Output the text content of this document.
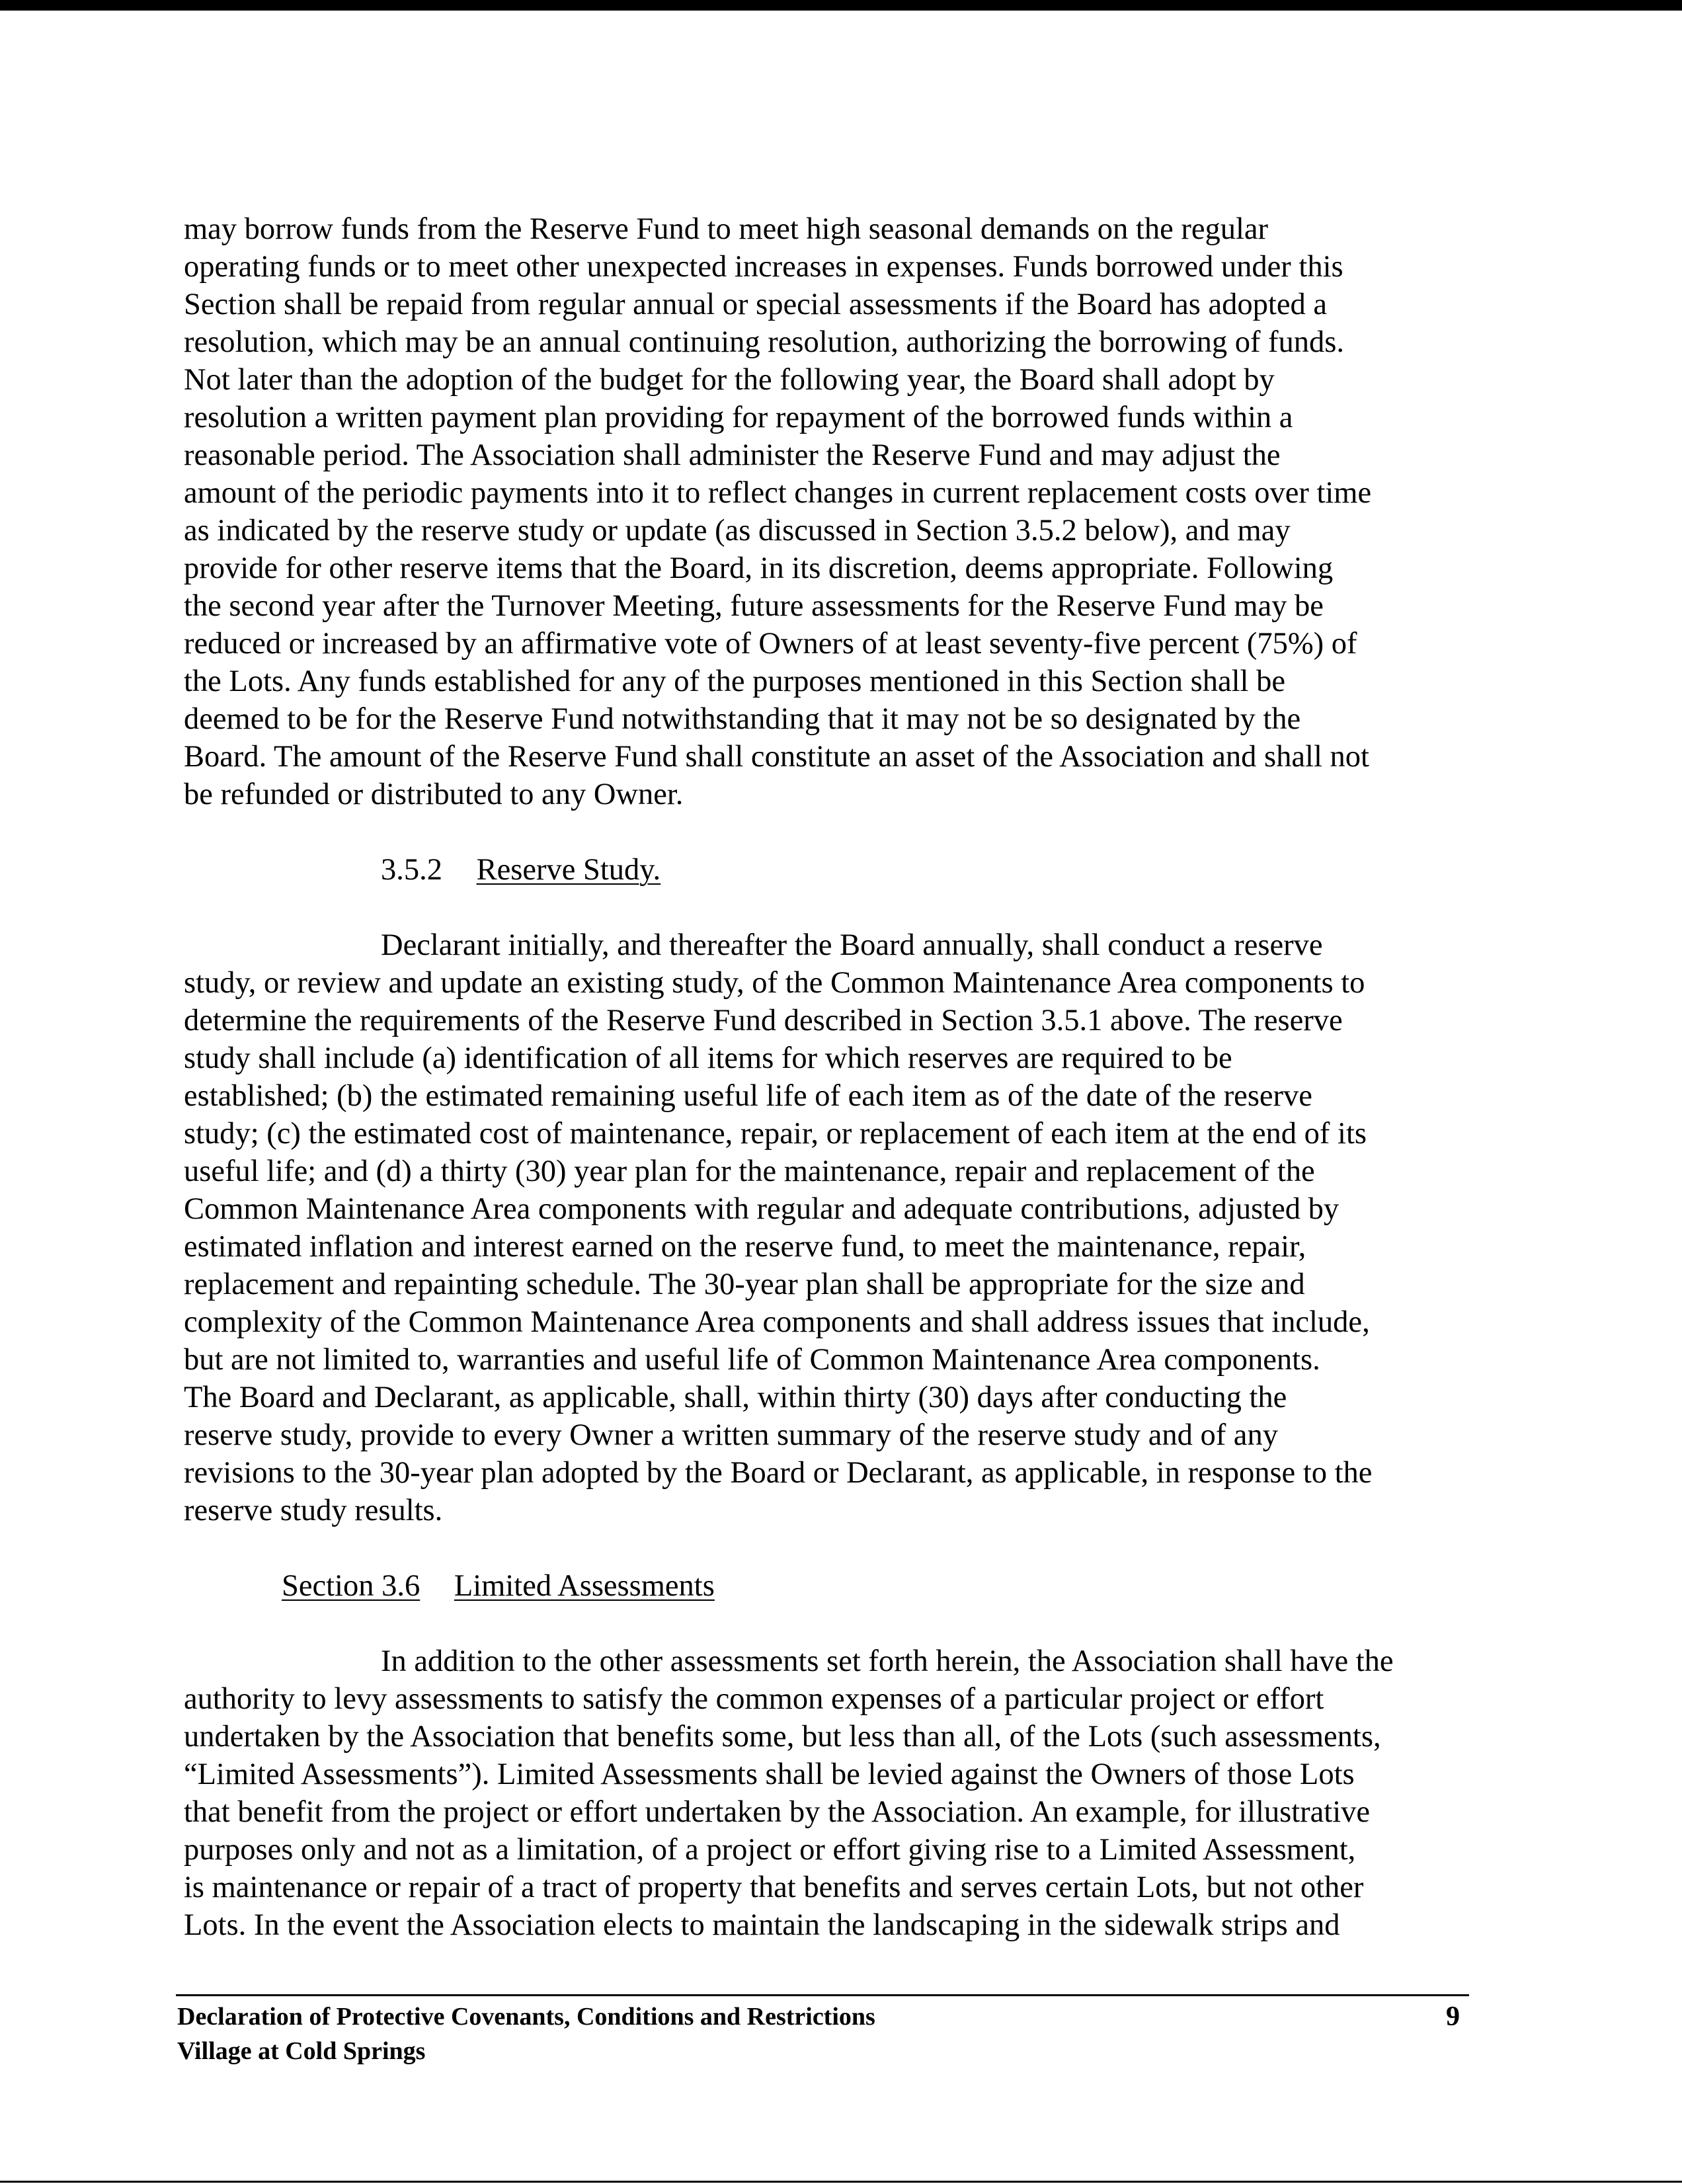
may borrow funds from the Reserve Fund to meet high seasonal demands on the regular
operating funds or to meet other unexpected increases in expenses. Funds borrowed under this
Section shall be repaid from regular annual or special assessments if the Board has adopted a
resolution, which may be an annual continuing resolution, authorizing the borrowing of funds.
Not later than the adoption of the budget for the following year, the Board shall adopt by
resolution a written payment plan providing for repayment of the borrowed funds within a
reasonable period. The Association shall administer the Reserve Fund and may adjust the
amount of the periodic payments into it to reflect changes in current replacement costs over time
as indicated by the reserve study or update (as discussed in Section 3.5.2 below), and may
provide for other reserve items that the Board, in its discretion, deems appropriate. Following
the second year after the Turnover Meeting, future assessments for the Reserve Fund may be
reduced or increased by an affirmative vote of Owners of at least seventy-five percent (75%) of
the Lots. Any funds established for any of the purposes mentioned in this Section shall be
deemed to be for the Reserve Fund notwithstanding that it may not be so designated by the
Board. The amount of the Reserve Fund shall constitute an asset of the Association and shall not
be refunded or distributed to any Owner.

3.5.2 Reserve Study.

Declarant initially, and thereafter the Board annually, shall conduct a reserve
study, or review and update an existing study, of the Common Maintenance Area components to
determine the requirements of the Reserve Fund described in Section 3.5.1 above. The reserve
study shall include (a) identification of all items for which reserves are required to be
established; (b) the estimated remaining useful life of each item as of the date of the reserve
study; (c) the estimated cost of maintenance, repair, or replacement of each item at the end of its
useful life; and (d) a thirty (30) year plan for the maintenance, repair and replacement of the
Common Maintenance Area components with regular and adequate contributions, adjusted by
estimated inflation and interest earned on the reserve fund, to meet the maintenance, repair,
replacement and repainting schedule. The 30-year plan shall be appropriate for the size and
complexity of the Common Maintenance Area components and shall address issues that include,
but are not limited to, warranties and useful life of Common Maintenance Area components.
The Board and Declarant, as applicable, shall, within thirty (30) days after conducting the
reserve study, provide to every Owner a written summary of the reserve study and of any
revisions to the 30-year plan adopted by the Board or Declarant, as applicable, in response to the
reserve study results.

Section 3.6 Limited Assessments

In addition to the other assessments set forth herein, the Association shall have the
authority to levy assessments to satisfy the common expenses of a particular project or effort
undertaken by the Association that benefits some, but less than all, of the Lots (such assessments,
“Limited Assessments”). Limited Assessments shall be levied against the Owners of those Lots
that benefit from the project or effort undertaken by the Association. An example, for illustrative
purposes only and not as a limitation, of a project or effort giving rise to a Limited Assessment,
is maintenance or repair of a tract of property that benefits and serves certain Lots, but not other
Lots. In the event the Association elects to maintain the landscaping in the sidewalk strips and

Declaration of Protective Covenants, Conditions and Restrictions
Village at Cold Springs
9
